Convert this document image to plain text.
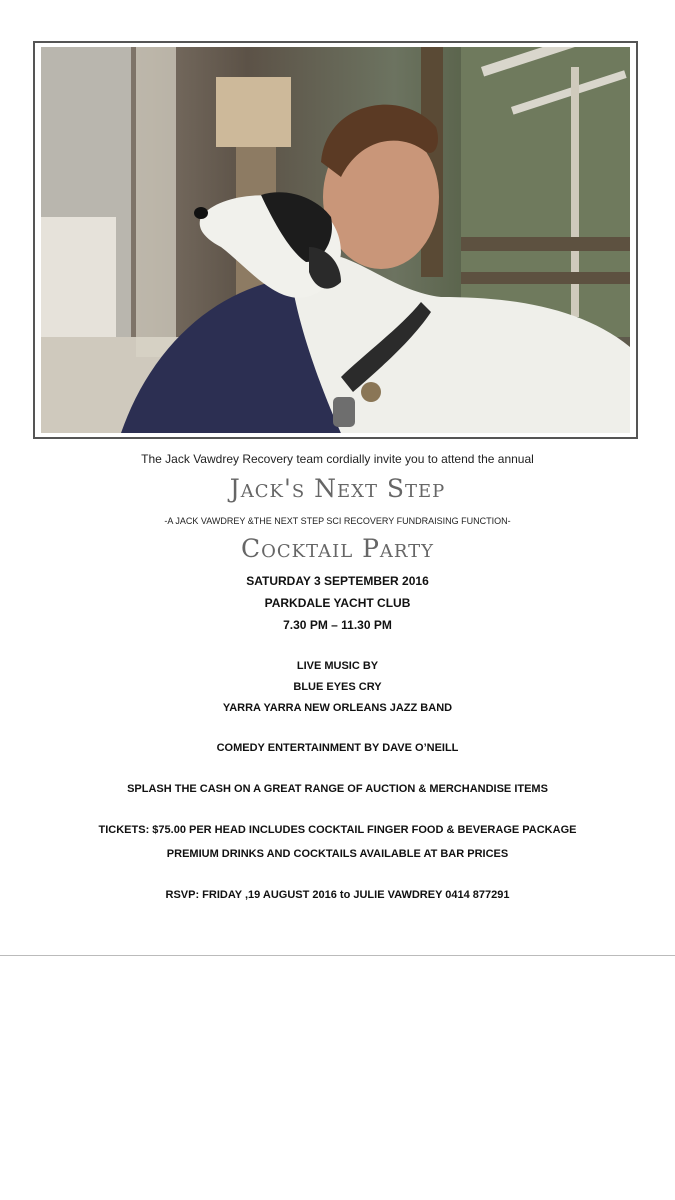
The Jack Vawdrey Recovery team cordially invite you to attend the annual

Jack's Next Step

-A JACK VAWDREY &THE NEXT STEP SCI RECOVERY FUNDRAISING FUNCTION-

Cocktail Party

SATURDAY 3 SEPTEMBER 2016

PARKDALE YACHT CLUB

7.30 PM – 11.30 PM

LIVE MUSIC BY

BLUE EYES CRY

YARRA YARRA NEW ORLEANS JAZZ BAND

COMEDY ENTERTAINMENT BY DAVE O’NEILL

SPLASH THE CASH ON A GREAT RANGE OF AUCTION & MERCHANDISE ITEMS

TICKETS: $75.00 PER HEAD INCLUDES COCKTAIL FINGER FOOD & BEVERAGE PACKAGE

PREMIUM DRINKS AND COCKTAILS AVAILABLE AT BAR PRICES

RSVP: FRIDAY ,19 AUGUST 2016 to JULIE VAWDREY 0414 877291
